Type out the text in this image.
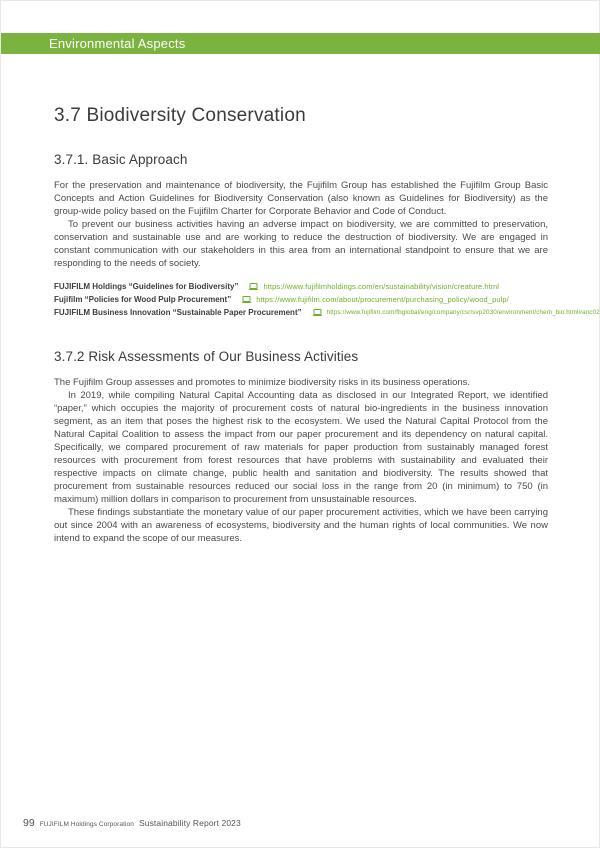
Environmental Aspects
3.7 Biodiversity Conservation
3.7.1. Basic Approach

For the preservation and maintenance of biodiversity, the Fujifilm Group has established the Fujifilm Group Basic Concepts and Action Guidelines for Biodiversity Conservation (also known as Guidelines for Biodiversity) as the group-wide policy based on the Fujifilm Charter for Corporate Behavior and Code of Conduct.

To prevent our business activities having an adverse impact on biodiversity, we are committed to preservation, conservation and sustainable use and are working to reduce the destruction of biodiversity. We are engaged in constant communication with our stakeholders in this area from an international standpoint to ensure that we are responding to the needs of society.

FUJIFILM Holdings “Guidelines for Biodiversity”	https://www.fujifilmholdings.com/en/sustainability/vision/creature.html
Fujifilm “Policies for Wood Pulp Procurement”	https://www.fujifilm.com/about/procurement/purchasing_policy/wood_pulp/
FUJIFILM Business Innovation “Sustainable Paper Procurement”	https://www.fujifilm.com/fbglobal/eng/company/csr/svp2030/environment/chem_bio.html#anc02
3.7.2 Risk Assessments of Our Business Activities

The Fujifilm Group assesses and promotes to minimize biodiversity risks in its business operations.

In 2019, while compiling Natural Capital Accounting data as disclosed in our Integrated Report, we identified “paper,” which occupies the majority of procurement costs of natural bio-ingredients in the business innovation segment, as an item that poses the highest risk to the ecosystem. We used the Natural Capital Protocol from the Natural Capital Coalition to assess the impact from our paper procurement and its dependency on natural capital. Specifically, we compared procurement of raw materials for paper production from sustainably managed forest resources with procurement from forest resources that have problems with sustainability and evaluated their respective impacts on climate change, public health and sanitation and biodiversity. The results showed that procurement from sustainable resources reduced our social loss in the range from 20 (in minimum) to 750 (in maximum) million dollars in comparison to procurement from unsustainable resources.

These findings substantiate the monetary value of our paper procurement activities, which we have been carrying out since 2004 with an awareness of ecosystems, biodiversity and the human rights of local communities. We now intend to expand the scope of our measures.

99 FUJIFILM Holdings Corporation Sustainability Report 2023
